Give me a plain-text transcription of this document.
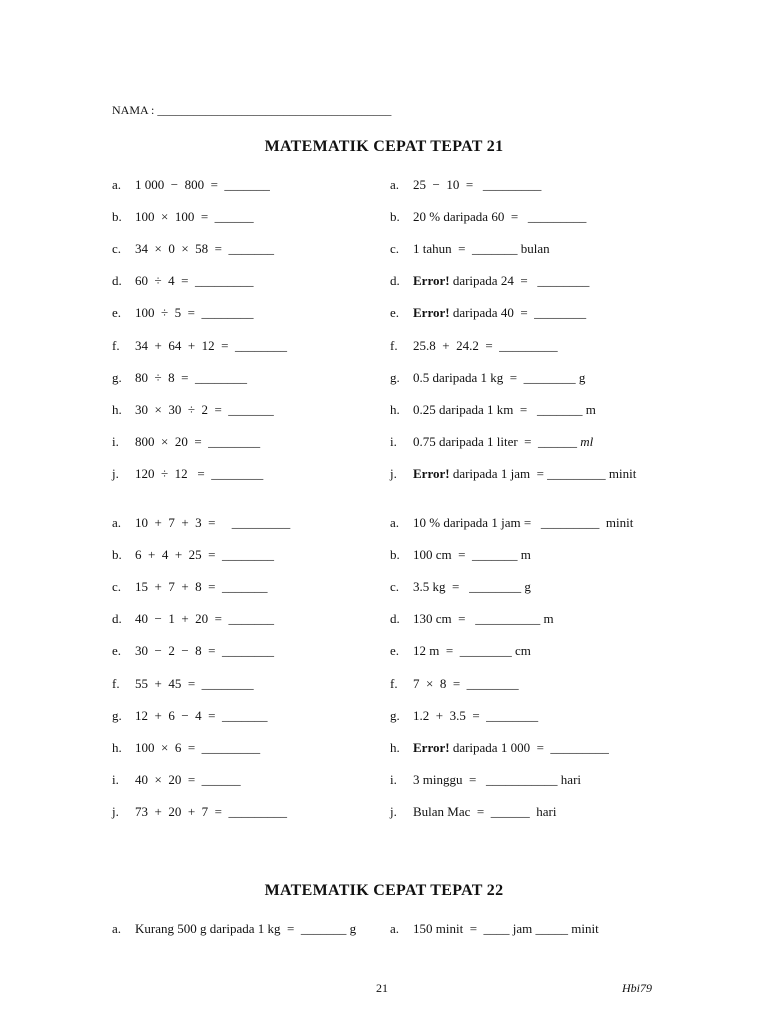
NAMA : _______________________________________
MATEMATIK CEPAT TEPAT 21
a. 1 000  −  800  =  _______
b. 100  ×  100  =  ______
c. 34  ×  0  ×  58  =  _______
d. 60  ÷  4  =  _________
e. 100  ÷  5  =  ________
f. 34  +  64  +  12  =  ________
g. 80  ÷  8  =  ________
h. 30  ×  30  ÷  2  =  _______
i. 800  ×  20  =  ________
j. 120  ÷  12   =  ________
a. 25  −  10  =   _________
b. 20 % daripada 60  =   _________
c. 1 tahun  =  _______ bulan
d. Error! daripada 24  =   ________
e. Error! daripada 40  =  ________
f. 25.8  +  24.2  =  _________
g. 0.5 daripada 1 kg  =  ________ g
h. 0.25 daripada 1 km  =   _______ m
i. 0.75 daripada 1 liter  =  ______ ml
j. Error! daripada 1 jam  = _________ minit
a. 10  +  7  +  3  =     _________
b. 6  +  4  +  25  =  ________
c. 15  +  7  +  8  =  _______
d. 40  −  1  +  20  =  _______
e. 30  −  2  −  8  =  ________
f. 55  +  45  =  ________
g. 12  +  6  −  4  =  _______
h. 100  ×  6  =  _________
i. 40  ×  20  =  ______
j. 73  +  20  +  7  =  _________
a. 10 % daripada 1 jam =   _________  minit
b. 100 cm  =  _______ m
c. 3.5 kg  =   ________ g
d. 130 cm  =   __________ m
e. 12 m  =  ________ cm
f. 7  ×  8  =  ________
g. 1.2  +  3.5  =  ________
h. Error! daripada 1 000  =  _________
i. 3 minggu  =   ___________ hari
j. Bulan Mac  =  ______  hari
MATEMATIK CEPAT TEPAT 22
a. Kurang 500 g daripada 1 kg  =  _______ g	a. 150 minit  =  ____ jam _____ minit
21	Hbi79
